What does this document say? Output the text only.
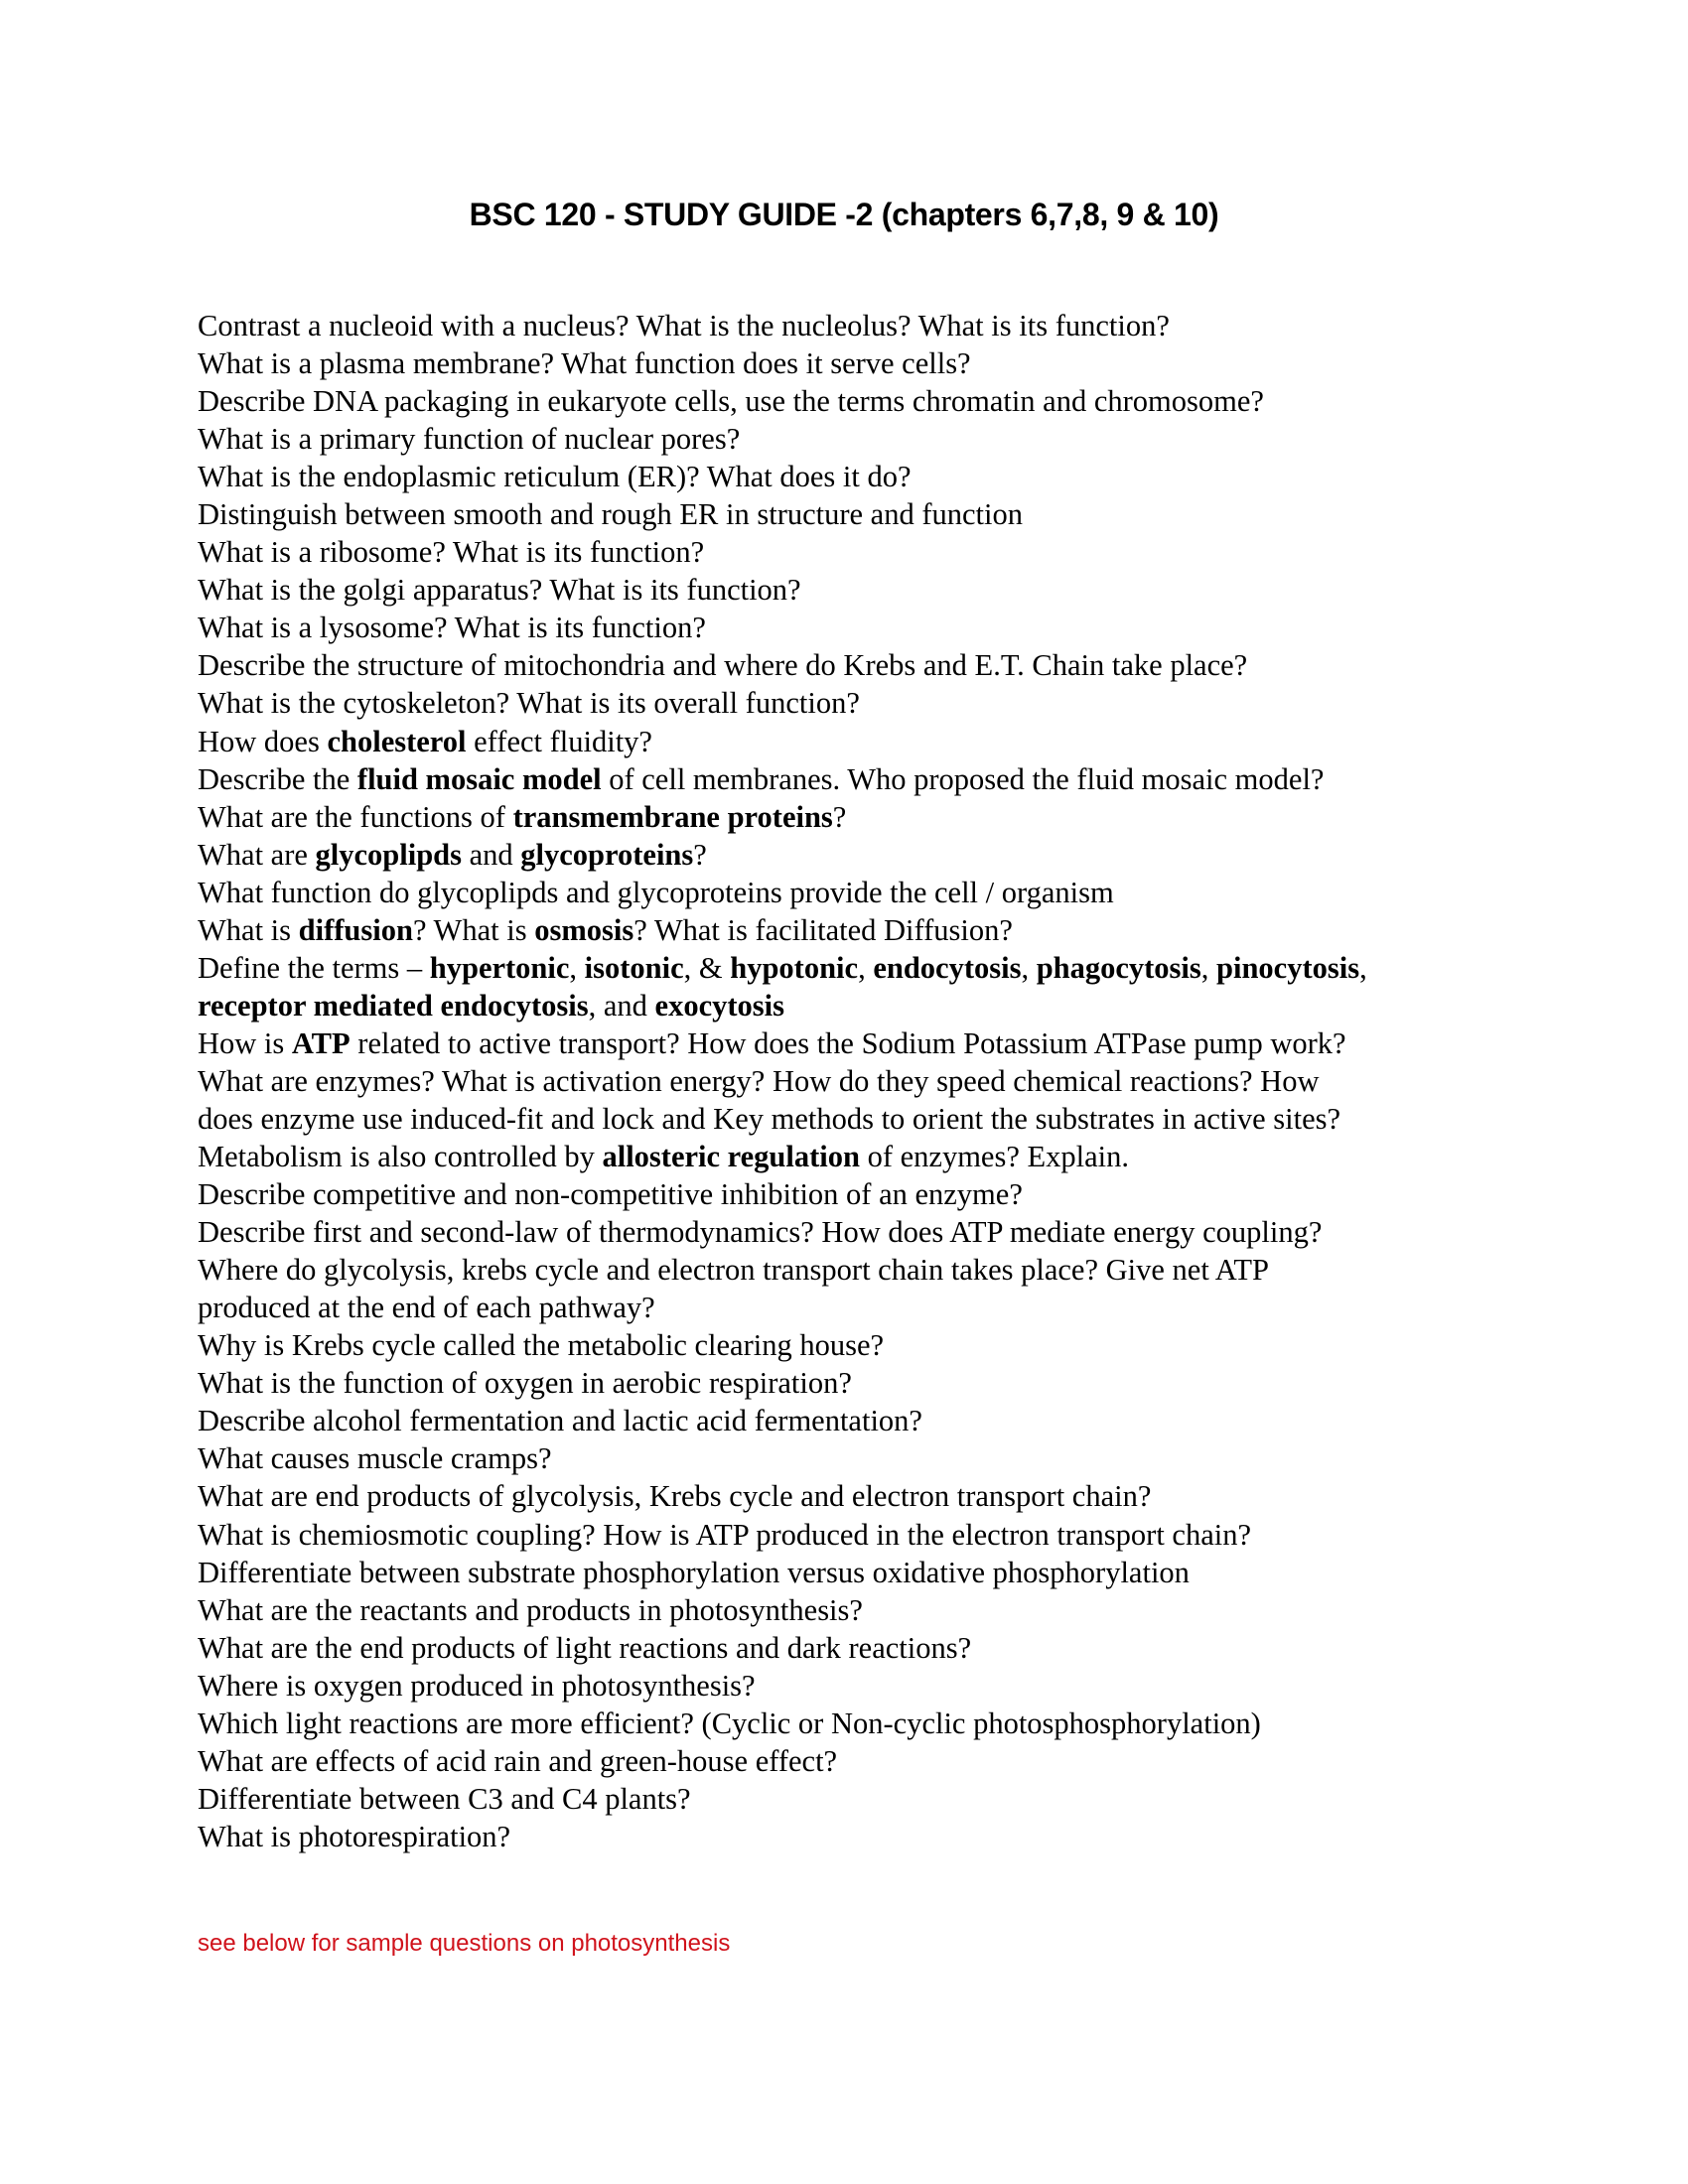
BSC 120 - STUDY GUIDE -2 (chapters 6,7,8, 9 & 10)
Contrast a nucleoid with a nucleus? What is the nucleolus? What is its function?
What is a plasma membrane? What function does it serve cells?
Describe DNA packaging in eukaryote cells, use the terms chromatin and chromosome?
What is a primary function of nuclear pores?
What is the endoplasmic reticulum (ER)? What does it do?
Distinguish between smooth and rough ER in structure and function
What is a ribosome? What is its function?
What is the golgi apparatus? What is its function?
What is a lysosome? What is its function?
Describe the structure of mitochondria and where do Krebs and E.T. Chain take place?
What is the cytoskeleton? What is its overall function?
How does cholesterol effect fluidity?
Describe the fluid mosaic model of cell membranes. Who proposed the fluid mosaic model?
What are the functions of transmembrane proteins?
What are glycoplipds and glycoproteins?
What function do glycoplipds and glycoproteins provide the cell / organism
What is diffusion? What is osmosis? What is facilitated Diffusion?
Define the terms – hypertonic, isotonic, & hypotonic, endocytosis, phagocytosis, pinocytosis,
receptor mediated endocytosis, and exocytosis
How is ATP related to active transport? How does the Sodium Potassium ATPase pump work?
What are enzymes? What is activation energy? How do they speed chemical reactions? How
does enzyme use induced-fit and lock and Key methods to orient the substrates in active sites?
Metabolism is also controlled by allosteric regulation of enzymes? Explain.
Describe competitive and non-competitive inhibition of an enzyme?
Describe first and second-law of thermodynamics? How does ATP mediate energy coupling?
Where do glycolysis, krebs cycle and electron transport chain takes place? Give net ATP
produced at the end of each pathway?
Why is Krebs cycle called the metabolic clearing house?
What is the function of oxygen in aerobic respiration?
Describe alcohol fermentation and lactic acid fermentation?
What causes muscle cramps?
What are end products of glycolysis, Krebs cycle and electron transport chain?
What is chemiosmotic coupling? How is ATP produced in the electron transport chain?
Differentiate between substrate phosphorylation versus oxidative phosphorylation
What are the reactants and products in photosynthesis?
What are the end products of light reactions and dark reactions?
Where is oxygen produced in photosynthesis?
Which light reactions are more efficient? (Cyclic or Non-cyclic photosphosphorylation)
What are effects of acid rain and green-house effect?
Differentiate between C3 and C4 plants?
What is photorespiration?
see below for sample questions on photosynthesis
